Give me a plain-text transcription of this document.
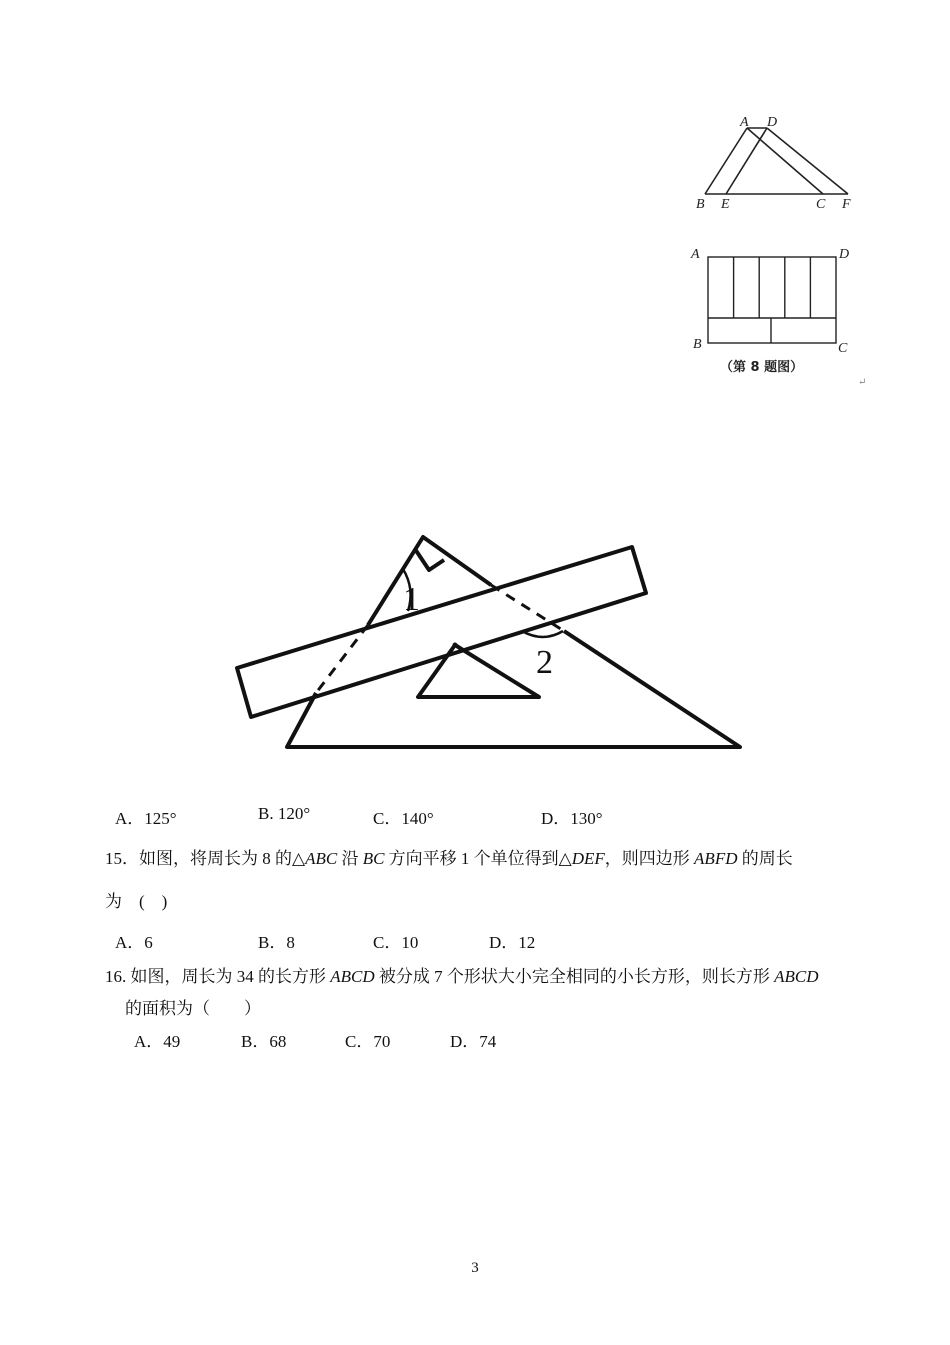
A D
B E	C F
A	D
B	C
（第 8 题图）
↵
1
2
A．125°	B. 120°	C．140°	D．130°
15．如图，将周长为 8 的△ABC 沿 BC 方向平移 1 个单位得到△DEF，则四边形 ABFD 的周长
为　(　)
A．6	B．8	C．10	D．12
16. 如图，周长为 34 的长方形 ABCD 被分成 7 个形状大小完全相同的小长方形，则长方形 ABCD
的面积为（　　）
A．49	B．68	C．70	D．74
3
